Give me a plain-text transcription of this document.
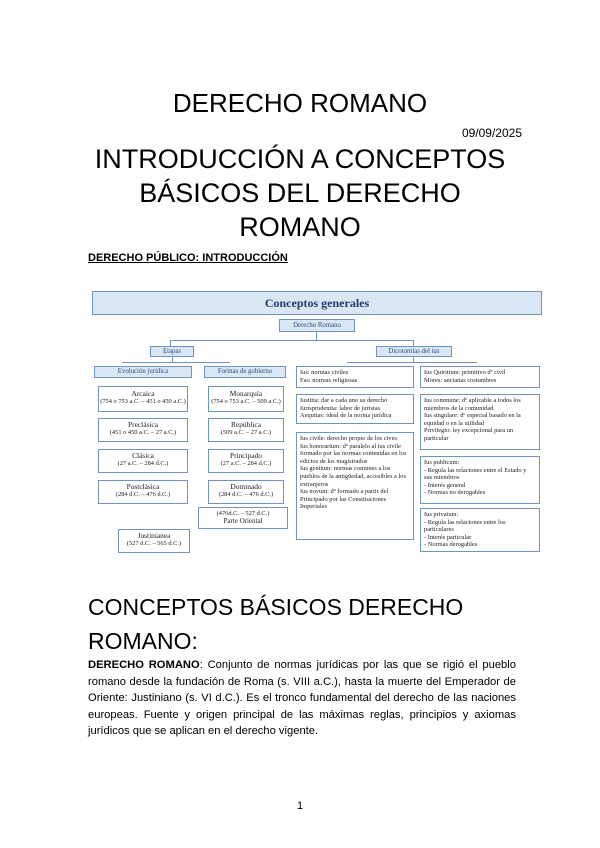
DERECHO ROMANO
09/09/2025
INTRODUCCIÓN A CONCEPTOS
BÁSICOS DEL DERECHO
ROMANO
DERECHO PÚBLICO: INTRODUCCIÓN
Conceptos generales
Derecho Romano
Etapas	Dicotomías del ius
Evolución jurídica	Formas de gobierno
Arcaica
(754 o 753 a.C. – 451 o 450 a.C.)
Preclásica
(451 o 450 a.C. – 27 a.C.)
Clásica
(27 a.C. – 284 d.C.)
Postclásica
(284 d.C. – 476 d.C.)
Justinianea
(527 d.C. – 565 d.C.)
Monarquía
(754 o 753 a.C. – 509 a.C.)
República
(509 a.C. – 27 a.C.)
Principado
(27 a.C. – 284 d.C.)
Dominado
(284 d.C. – 476 d.C.)
(476d.C. – 527 d.C.)
Parte Oriental
Ius: normas civiles
Fas: normas religiosas
Iustitia: dar a cada uno su derecho
Iurisprudentia: labor de juristas
Aequitas: ideal de la norma jurídica
Ius civile: derecho propio de los cives
Ius honorarium: dº paralelo al ius civile formado por las normas contenidas en los edictos de los magistrados
Ius gentium: normas comunes a los pueblos de la antigüedad, accesibles a los extranjeros
Ius novum: dº formado a partir del Principado por las Constituciones Imperiales
Ius Quiritium: primitivo dº civil
Mores: ancianas costumbres
Ius commune: dº aplicable a todos los miembros de la comunidad
Ius singulare: dº especial basado en la equidad o en la utilidad
Privilegio: ley excepcional para un particular
Ius publicum:
- Regula las relaciones entre el Estado y sus miembros
- Interés general
- Normas no derogables
Ius privatum:
- Regula las relaciones entre los particulares
- Interés particular
- Normas derogables
CONCEPTOS BÁSICOS DERECHO
ROMANO:
DERECHO ROMANO: Conjunto de normas jurídicas por las que se rigió el pueblo romano desde la fundación de Roma (s. VIII a.C.), hasta la muerte del Emperador de Oriente: Justiniano (s. VI d.C.). Es el tronco fundamental del derecho de las naciones europeas. Fuente y origen principal de las máximas reglas, principios y axiomas jurídicos que se aplican en el derecho vigente.
1
